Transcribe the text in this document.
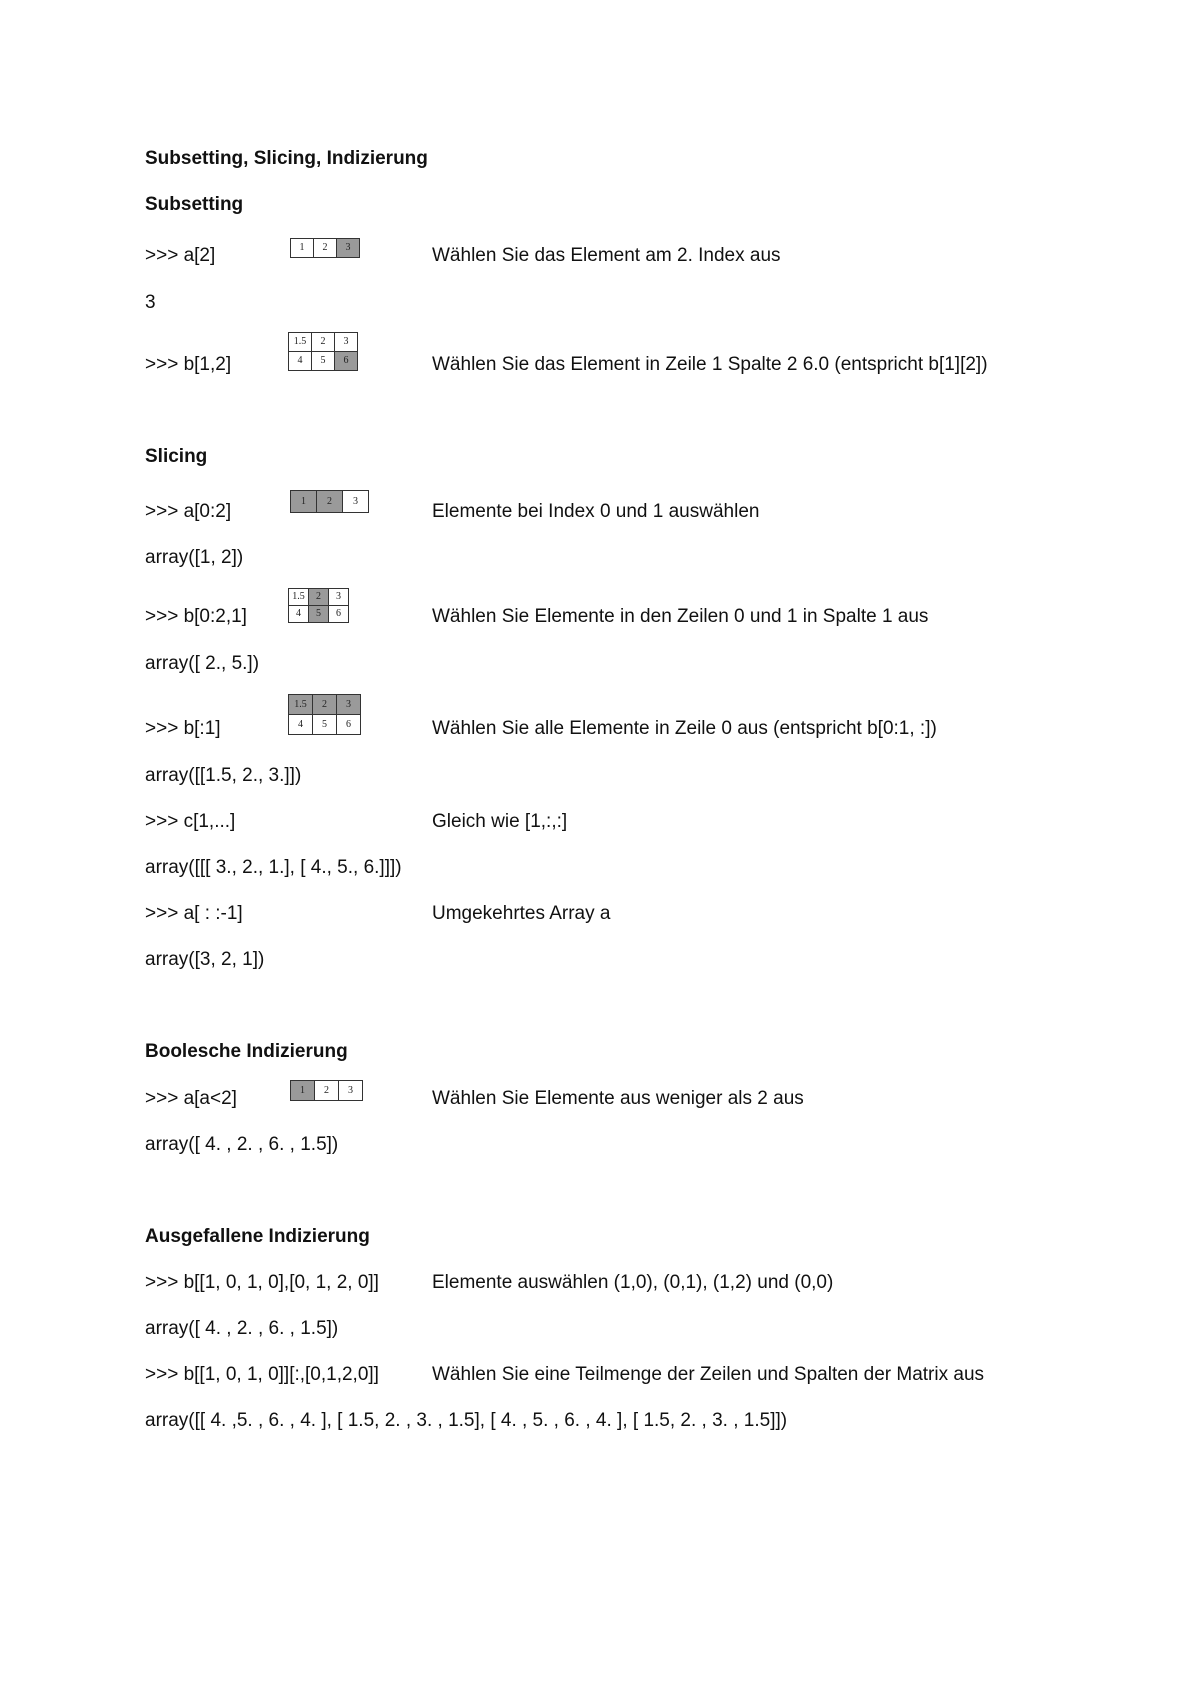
Subsetting, Slicing, Indizierung
Subsetting
>>> a[2]	1	2	3	Wählen Sie das Element am 2. Index aus
3
>>> b[1,2]
1.5	2	3
4	5	6	Wählen Sie das Element in Zeile 1 Spalte 2 6.0 (entspricht b[1][2])
Slicing
>>> a[0:2]	1	2	3	Elemente bei Index 0 und 1 auswählen
array([1, 2])
>>> b[0:2,1]
1.5	2	3
4	5	6	Wählen Sie Elemente in den Zeilen 0 und 1 in Spalte 1 aus
array([ 2., 5.])
>>> b[:1]
1.5	2	3
4	5	6	Wählen Sie alle Elemente in Zeile 0 aus (entspricht b[0:1, :])
array([[1.5, 2., 3.]])
>>> c[1,...]	Gleich wie [1,:,:]
array([[[ 3., 2., 1.], [ 4., 5., 6.]]])
>>> a[ : :-1]	Umgekehrtes Array a
array([3, 2, 1])
Boolesche Indizierung
>>> a[a<2]	1	2	3	Wählen Sie Elemente aus weniger als 2 aus
array([ 4. , 2. , 6. , 1.5])
Ausgefallene Indizierung
>>> b[[1, 0, 1, 0],[0, 1, 2, 0]]	Elemente auswählen (1,0), (0,1), (1,2) und (0,0)
array([ 4. , 2. , 6. , 1.5])
>>> b[[1, 0, 1, 0]][:,[0,1,2,0]]	Wählen Sie eine Teilmenge der Zeilen und Spalten der Matrix aus
array([[ 4. ,5. , 6. , 4. ], [ 1.5, 2. , 3. , 1.5], [ 4. , 5. , 6. , 4. ], [ 1.5, 2. , 3. , 1.5]])
